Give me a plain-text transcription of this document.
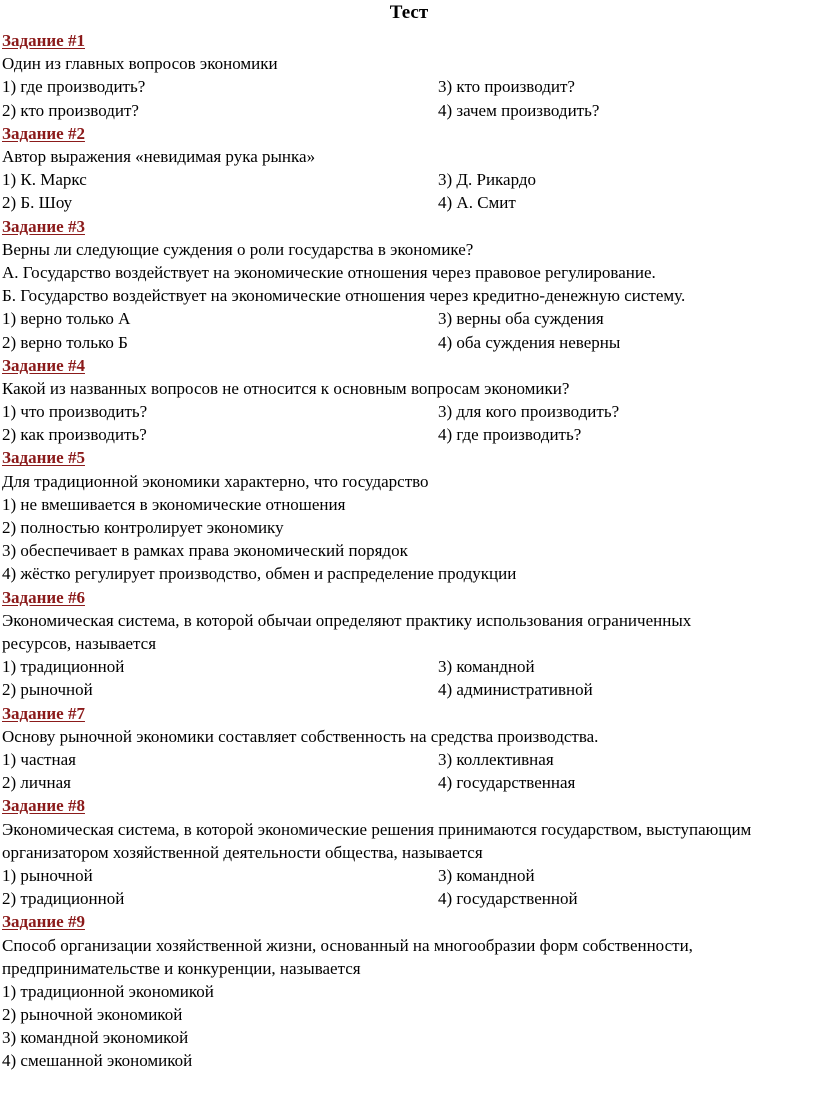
Тест
Задание #1
Один из главных вопросов экономики
1) где производить?	3) кто производит?
2) кто производит?	4) зачем производить?
Задание #2
Автор выражения «невидимая рука рынка»
1) К. Маркс	3) Д. Рикардо
2) Б. Шоу	4) А. Смит
Задание #3
Верны ли следующие суждения о роли государства в экономике?
А. Государство воздействует на экономические отношения через правовое регулирование.
Б. Государство воздействует на экономические отношения через кредитно-денежную систему.
1) верно только А	3) верны оба суждения
2) верно только Б	4) оба суждения неверны
Задание #4
Какой из названных вопросов не относится к основным вопросам экономики?
1) что производить?	3) для кого производить?
2) как производить?	4) где производить?
Задание #5
Для традиционной экономики характерно, что государство
1) не вмешивается в экономические отношения
2) полностью контролирует экономику
3) обеспечивает в рамках права экономический порядок
4) жёстко регулирует производство, обмен и распределение продукции
Задание #6
Экономическая система, в которой обычаи определяют практику использования ограниченных ресурсов, называется
1) традиционной	3) командной
2) рыночной	4) административной
Задание #7
Основу рыночной экономики составляет собственность на средства производства.
1) частная	3) коллективная
2) личная	4) государственная
Задание #8
Экономическая система, в которой экономические решения принимаются государством, выступающим организатором хозяйственной деятельности общества, называется
1) рыночной	3) командной
2) традиционной	4) государственной
Задание #9
Способ организации хозяйственной жизни, основанный на многообразии форм собственности, предпринимательстве и конкуренции, называется
1) традиционной экономикой
2) рыночной экономикой
3) командной экономикой
4) смешанной экономикой
